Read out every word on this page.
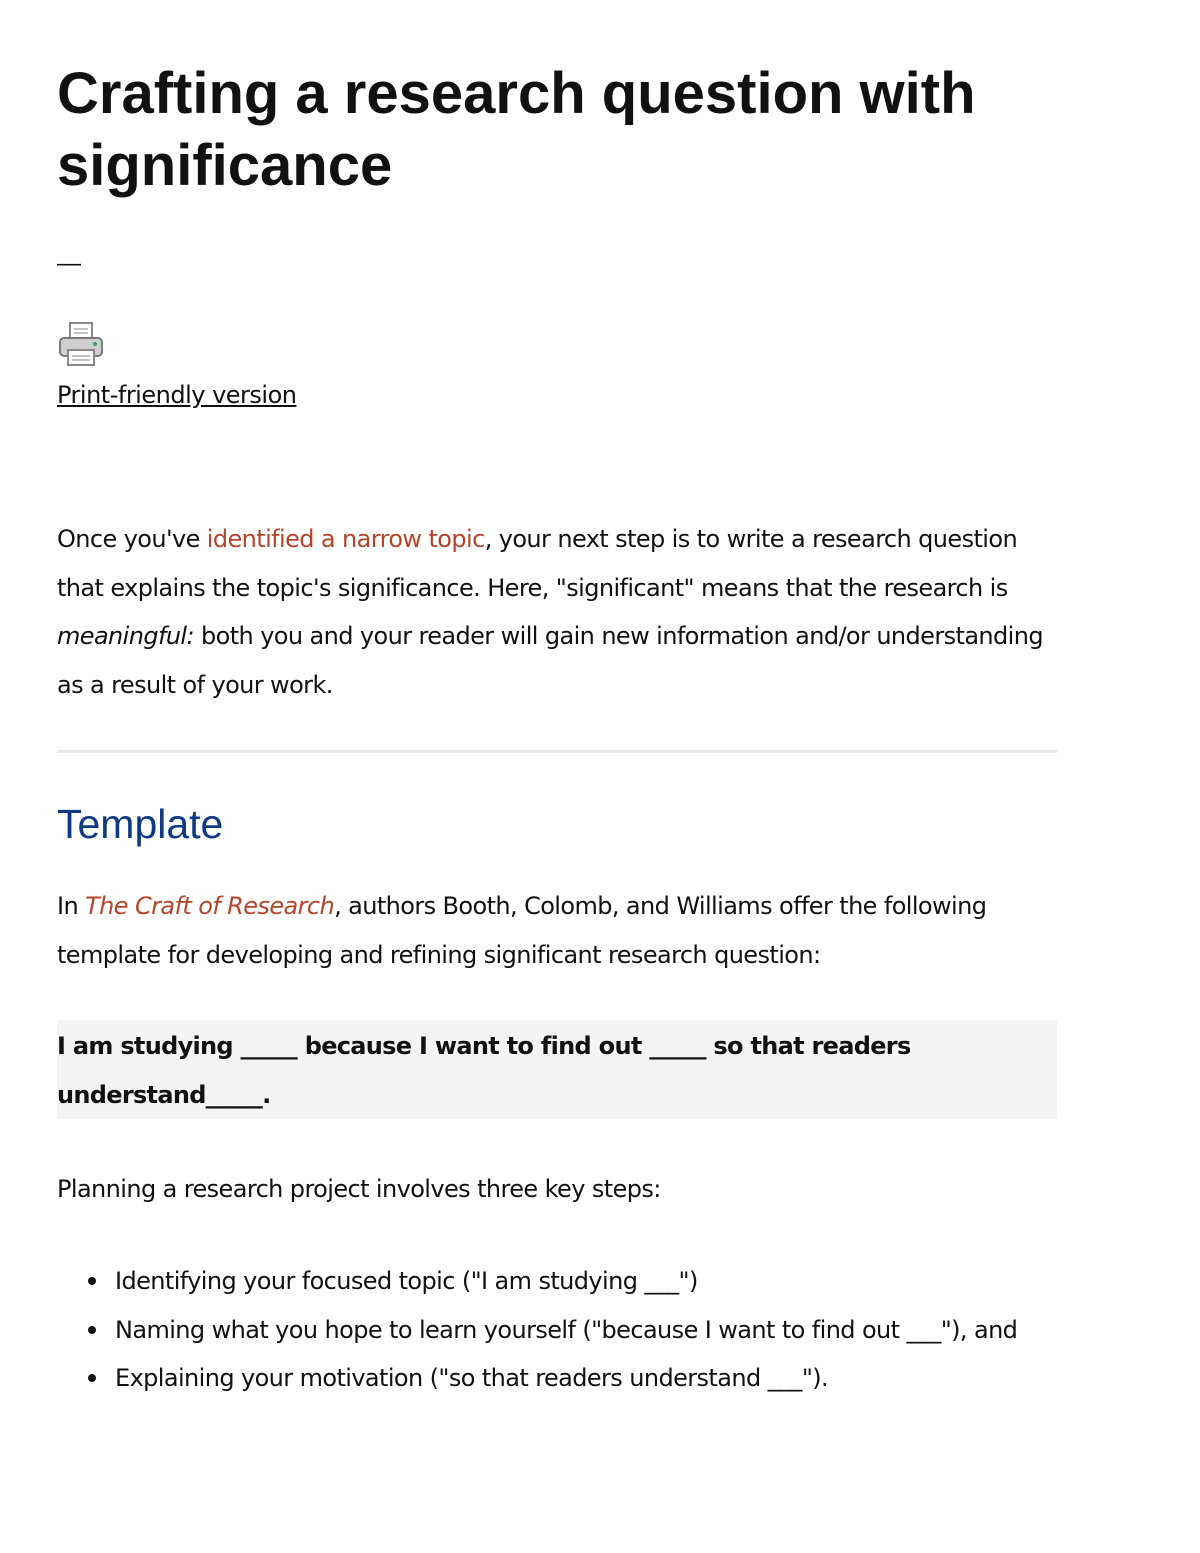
Crafting a research question with significance
—
Print-friendly version

Once you've identified a narrow topic, your next step is to write a research question that explains the topic's significance. Here, "significant" means that the research is meaningful: both you and your reader will gain new information and/or understanding as a result of your work.

Template

In The Craft of Research, authors Booth, Colomb, and Williams offer the following template for developing and refining significant research question:

I am studying _____ because I want to find out _____ so that readers understand_____.

Planning a research project involves three key steps:

Identifying your focused topic ("I am studying ___")
Naming what you hope to learn yourself ("because I want to find out ___"), and
Explaining your motivation ("so that readers understand ___").
